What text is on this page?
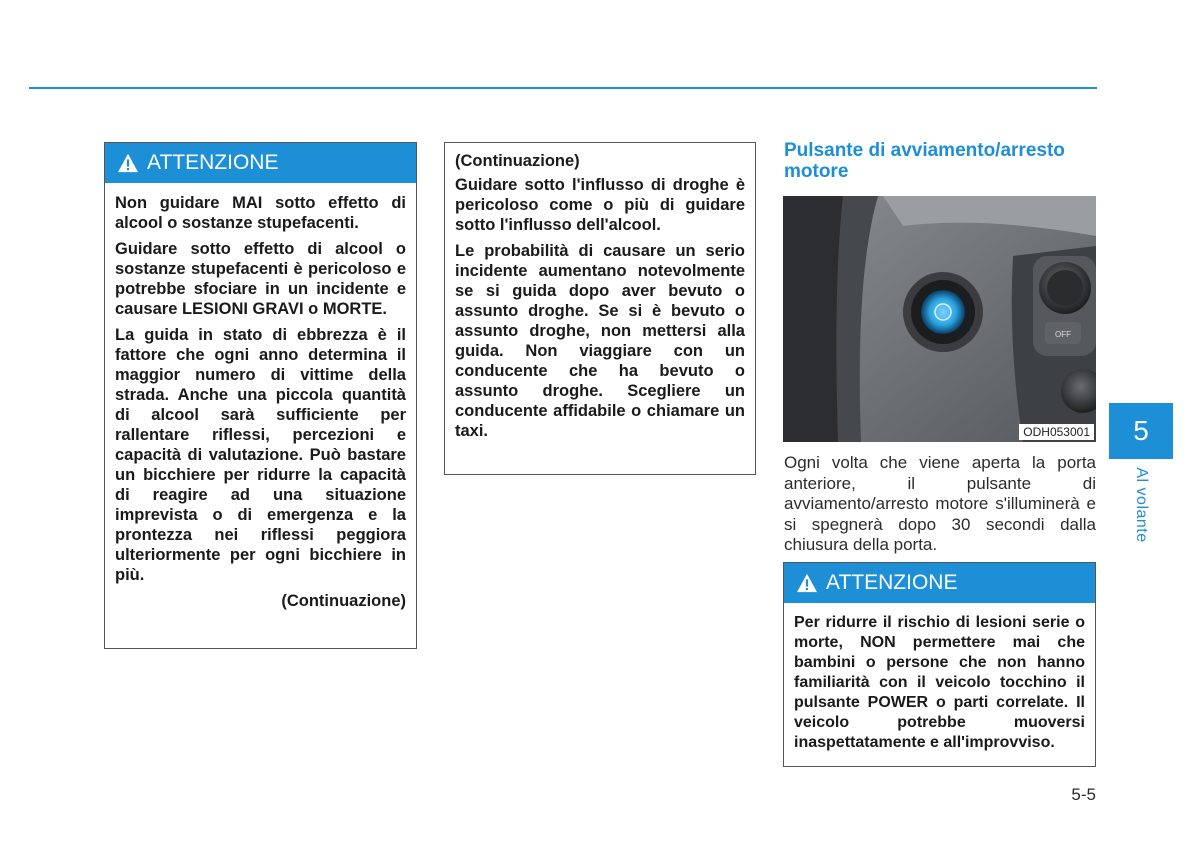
ATTENZIONE

Non guidare MAI sotto effetto di alcool o sostanze stupefacenti.

Guidare sotto effetto di alcool o sostanze stupefacenti è pericoloso e potrebbe sfociare in un incidente e causare LESIONI GRAVI o MORTE.

La guida in stato di ebbrezza è il fattore che ogni anno determina il maggior numero di vittime della strada. Anche una piccola quantità di alcool sarà sufficiente per rallentare riflessi, percezioni e capacità di valutazione. Può bastare un bicchiere per ridurre la capacità di reagire ad una situazione imprevista o di emergenza e la prontezza nei riflessi peggiora ulteriormente per ogni bicchiere in più.

(Continuazione)

(Continuazione)

Guidare sotto l'influsso di droghe è pericoloso come o più di guidare sotto l'influsso dell'alcool.

Le probabilità di causare un serio incidente aumentano notevolmente se si guida dopo aver bevuto o assunto droghe. Se si è bevuto o assunto droghe, non mettersi alla guida. Non viaggiare con un conducente che ha bevuto o assunto droghe. Scegliere un conducente affidabile o chiamare un taxi.

Pulsante di avviamento/arresto motore
OFF
ODH053001
Ogni volta che viene aperta la porta anteriore, il pulsante di avviamento/arresto motore s'illuminerà e si spegnerà dopo 30 secondi dalla chiusura della porta.
ATTENZIONE

Per ridurre il rischio di lesioni serie o morte, NON permettere mai che bambini o persone che non hanno familiarità con il veicolo tocchino il pulsante POWER o parti correlate. Il veicolo potrebbe muoversi inaspettatamente e all'improvviso.

5
Al volante
5-5
